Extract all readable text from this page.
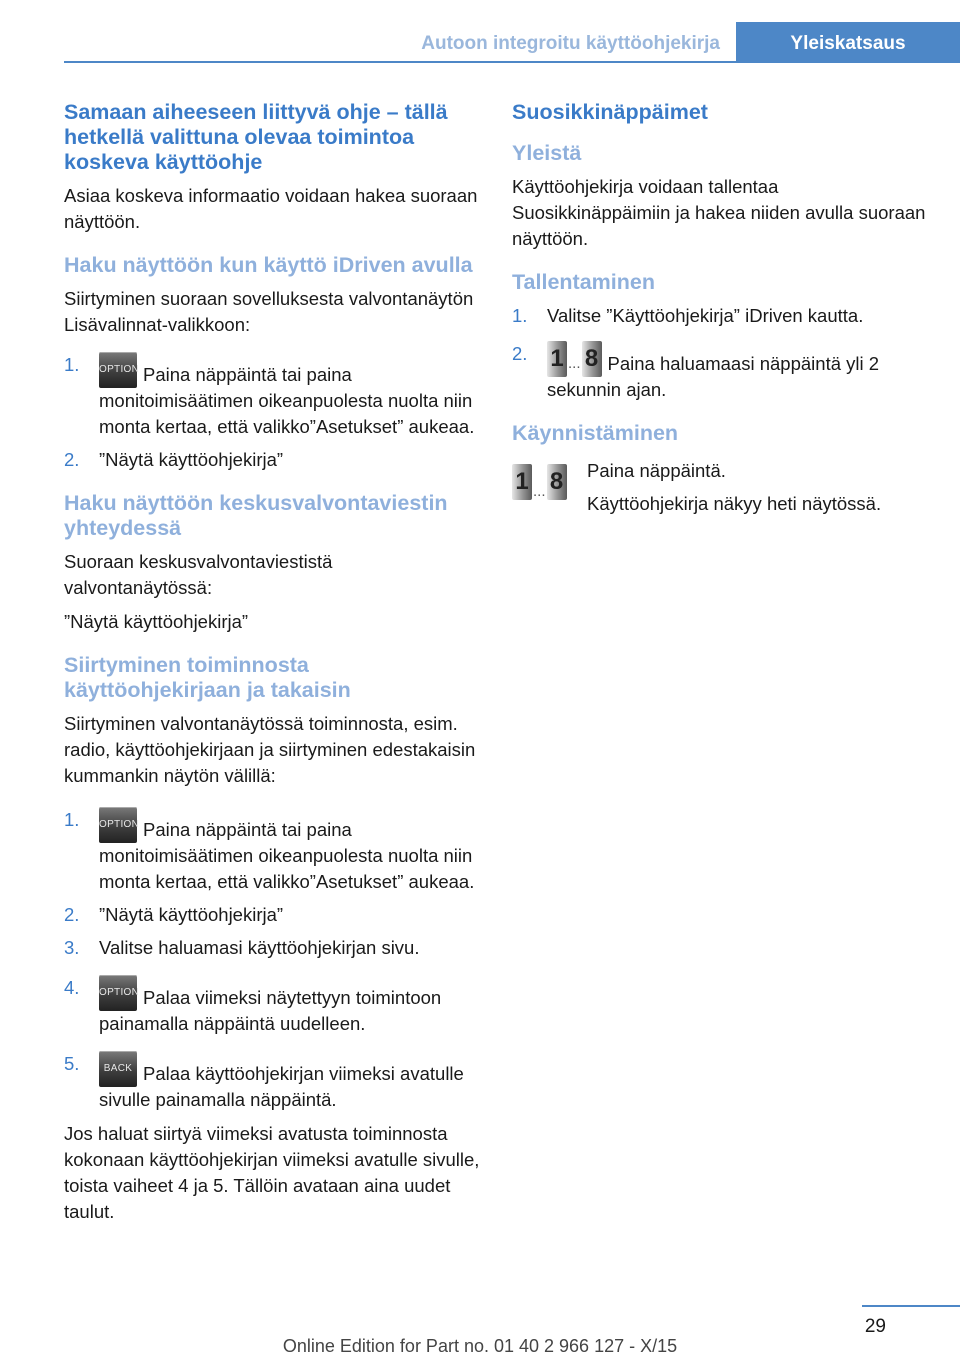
Autoon integroitu käyttöohjekirja	Yleiskatsaus
Samaan aiheeseen liittyvä ohje – tällä hetkellä valittuna olevaa toimintoa koskeva käyttöohje

Asiaa koskeva informaatio voidaan hakea suoraan näyttöön.

Haku näyttöön kun käyttö iDriven avulla

Siirtyminen suoraan sovelluksesta valvontanäytön Lisävalinnat-valikkoon:

1. OPTION Paina näppäintä tai paina monitoimisäätimen oikeanpuolesta nuolta niin monta kertaa, että valikko”Asetukset” aukeaa.
2. ”Näytä käyttöohjekirja”
Haku näyttöön keskusvalvontaviestin yhteydessä

Suoraan keskusvalvontaviestistä valvontanäytössä:

”Näytä käyttöohjekirja”

Siirtyminen toiminnosta käyttöohjekirjaan ja takaisin

Siirtyminen valvontanäytössä toiminnosta, esim. radio, käyttöohjekirjaan ja siirtyminen edestakaisin kummankin näytön välillä:

1. OPTION Paina näppäintä tai paina monitoimisäätimen oikeanpuolesta nuolta niin monta kertaa, että valikko”Asetukset” aukeaa.
2. ”Näytä käyttöohjekirja”
3. Valitse haluamasi käyttöohjekirjan sivu.
4. OPTION Palaa viimeksi näytettyyn toimintoon painamalla näppäintä uudelleen.
5. BACK Palaa käyttöohjekirjan viimeksi avatulle sivulle painamalla näppäintä.

Jos haluat siirtyä viimeksi avatusta toiminnosta kokonaan käyttöohjekirjan viimeksi avatulle sivulle, toista vaiheet 4 ja 5. Tällöin avataan aina uudet taulut.

Suosikkinäppäimet
Yleistä

Käyttöohjekirja voidaan tallentaa Suosikkinäppäimiin ja hakea niiden avulla suoraan näyttöön.

Tallentaminen
1. Valitse ”Käyttöohjekirja” iDriven kautta.
2. 1 ... 8 Paina haluamaasi näppäintä yli 2 sekunnin ajan.
Käynnistäminen
1 ... 8 Paina näppäintä.

Käyttöohjekirja näkyy heti näytössä.

29
Online Edition for Part no. 01 40 2 966 127 - X/15
